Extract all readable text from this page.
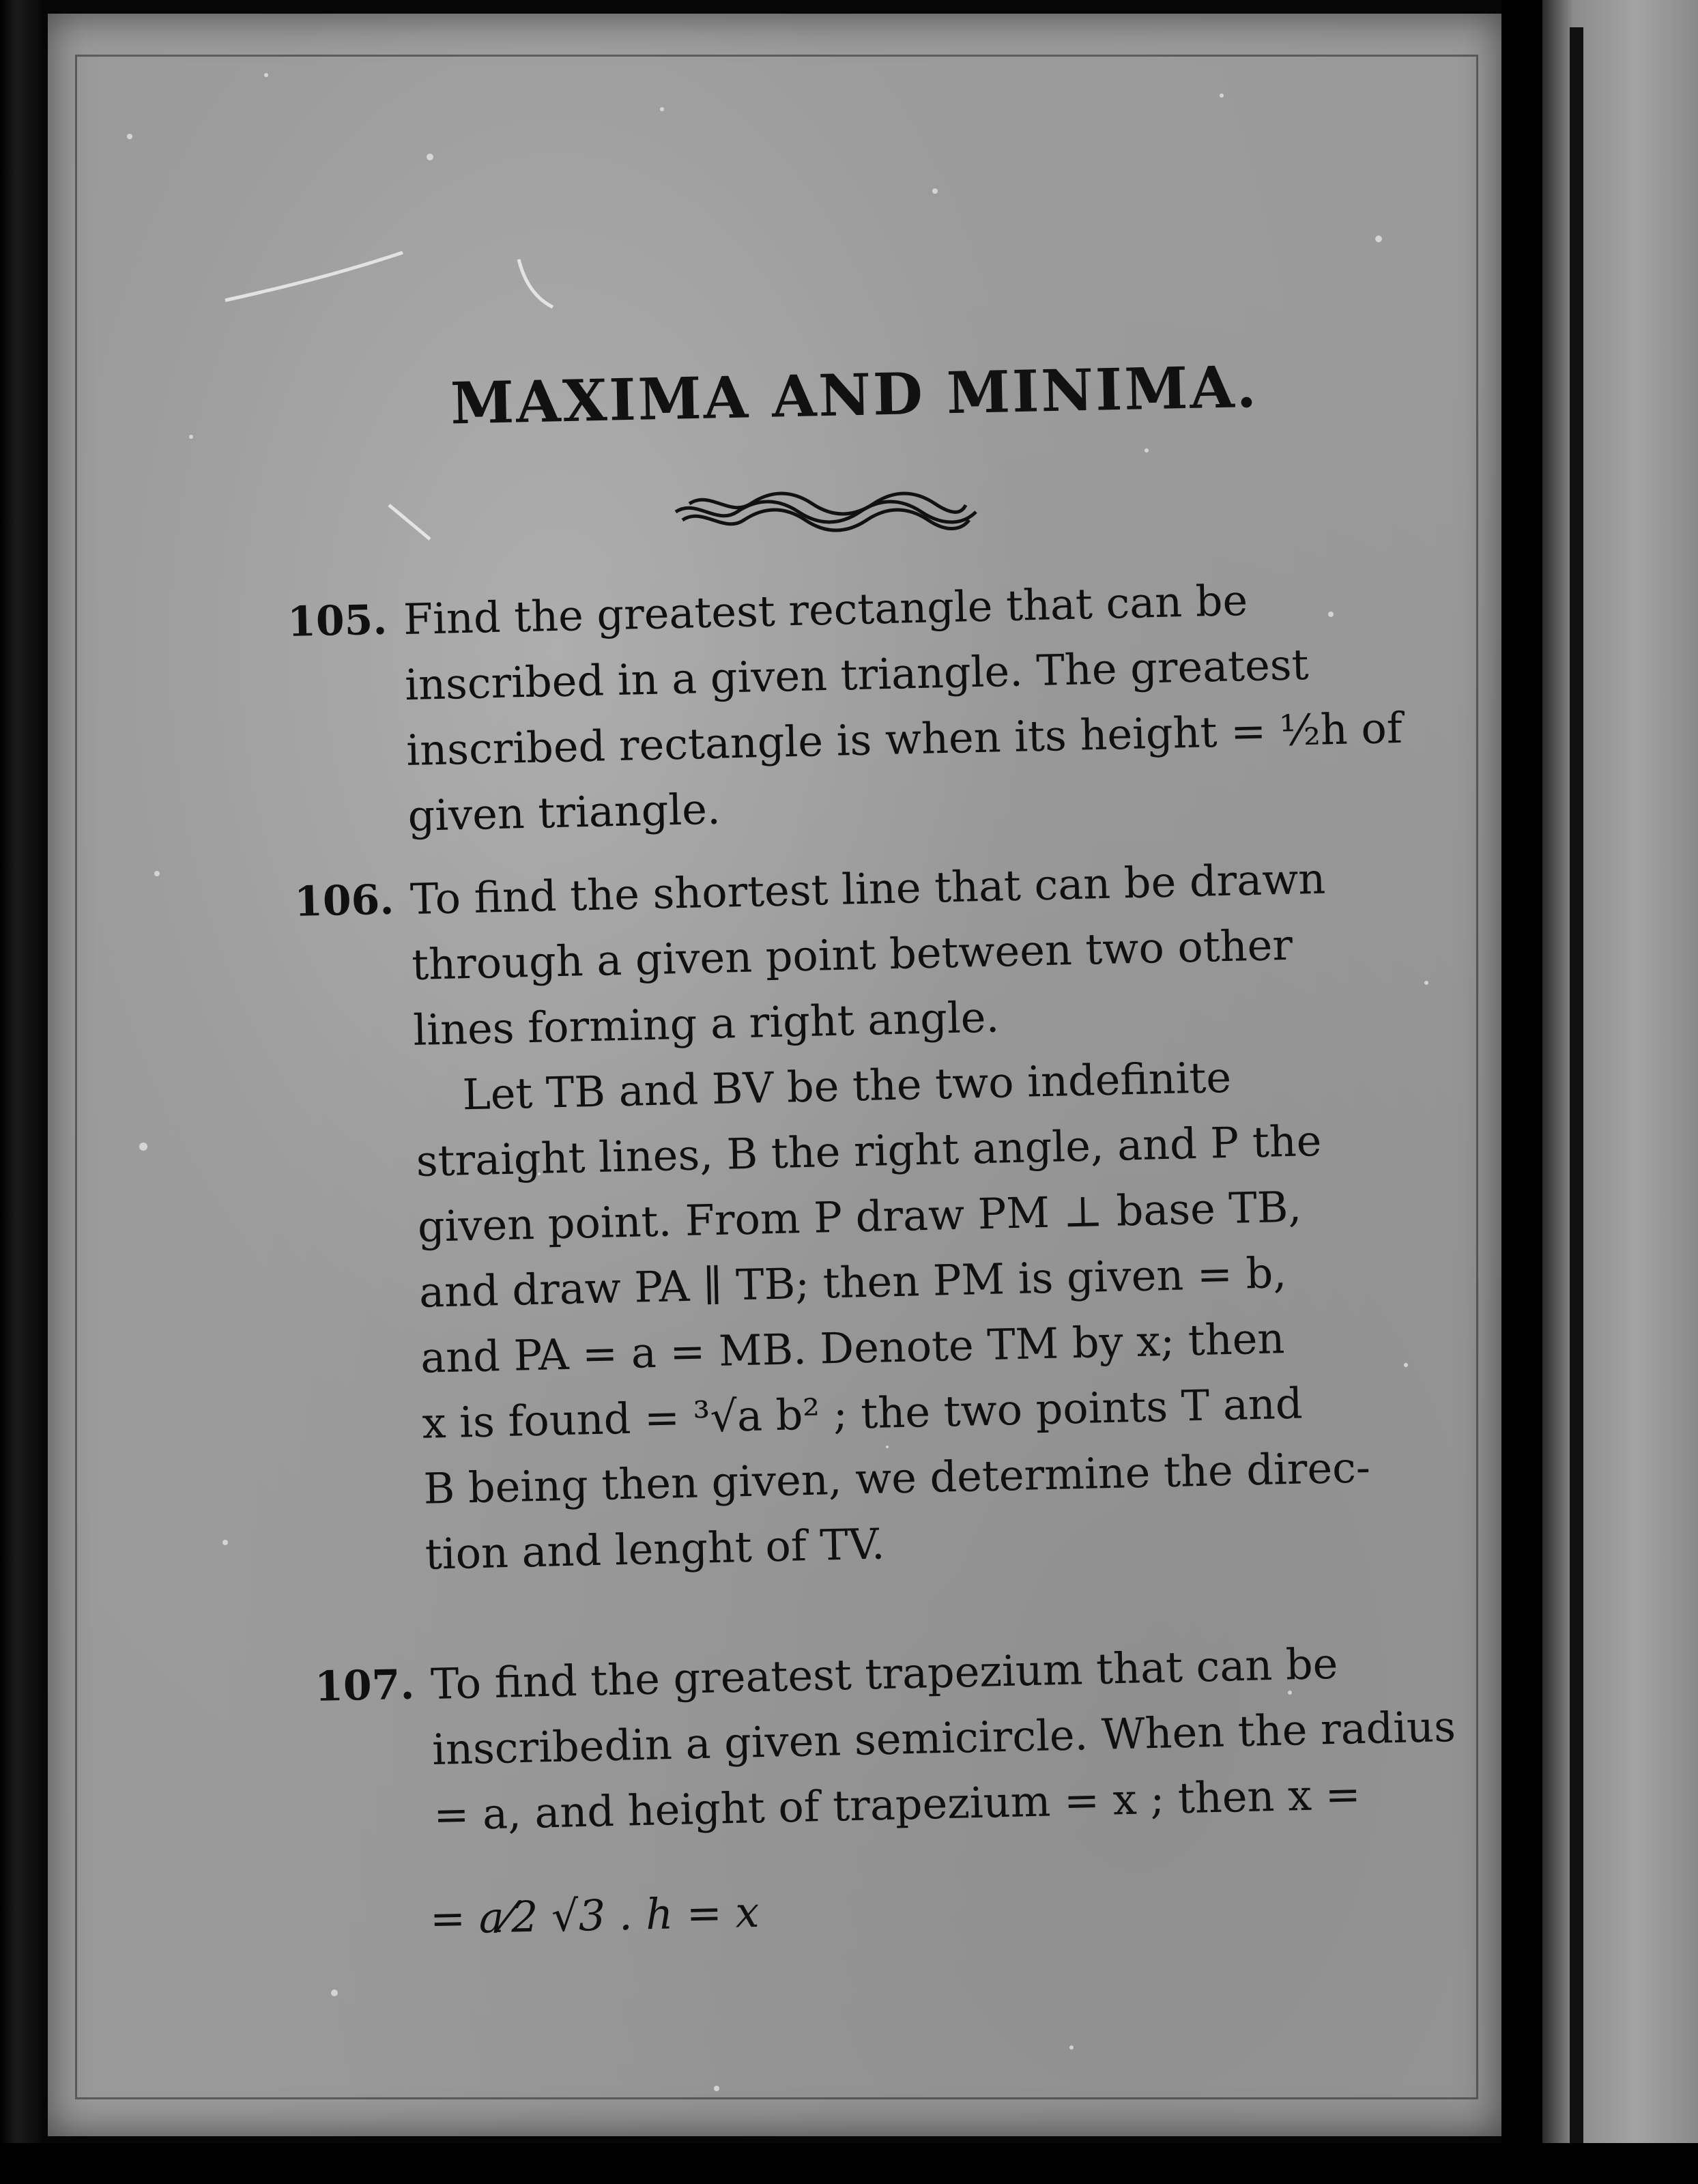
MAXIMA AND MINIMA.
105. Find the greatest rectangle that can be
inscribed in a given triangle. The greatest
inscribed rectangle is when its height = ½h of
given triangle.
106. To find the shortest line that can be drawn
through a given point between two other
lines forming a right angle.
Let TB and BV be the two indefinite
straight lines, B the right angle, and P the
given point. From P draw PM ⊥ base TB,
and draw PA ∥ TB; then PM is given = b,
and PA = a = MB. Denote TM by x; then
x is found = ³√a b² ; the two points T and
B being then given, we determine the direc-
tion and lenght of TV.
107. To find the greatest trapezium that can be
inscribedin a given semicircle. When the radius
= a, and height of trapezium = x ; then x =
= a⁄2 √3 . h = x
